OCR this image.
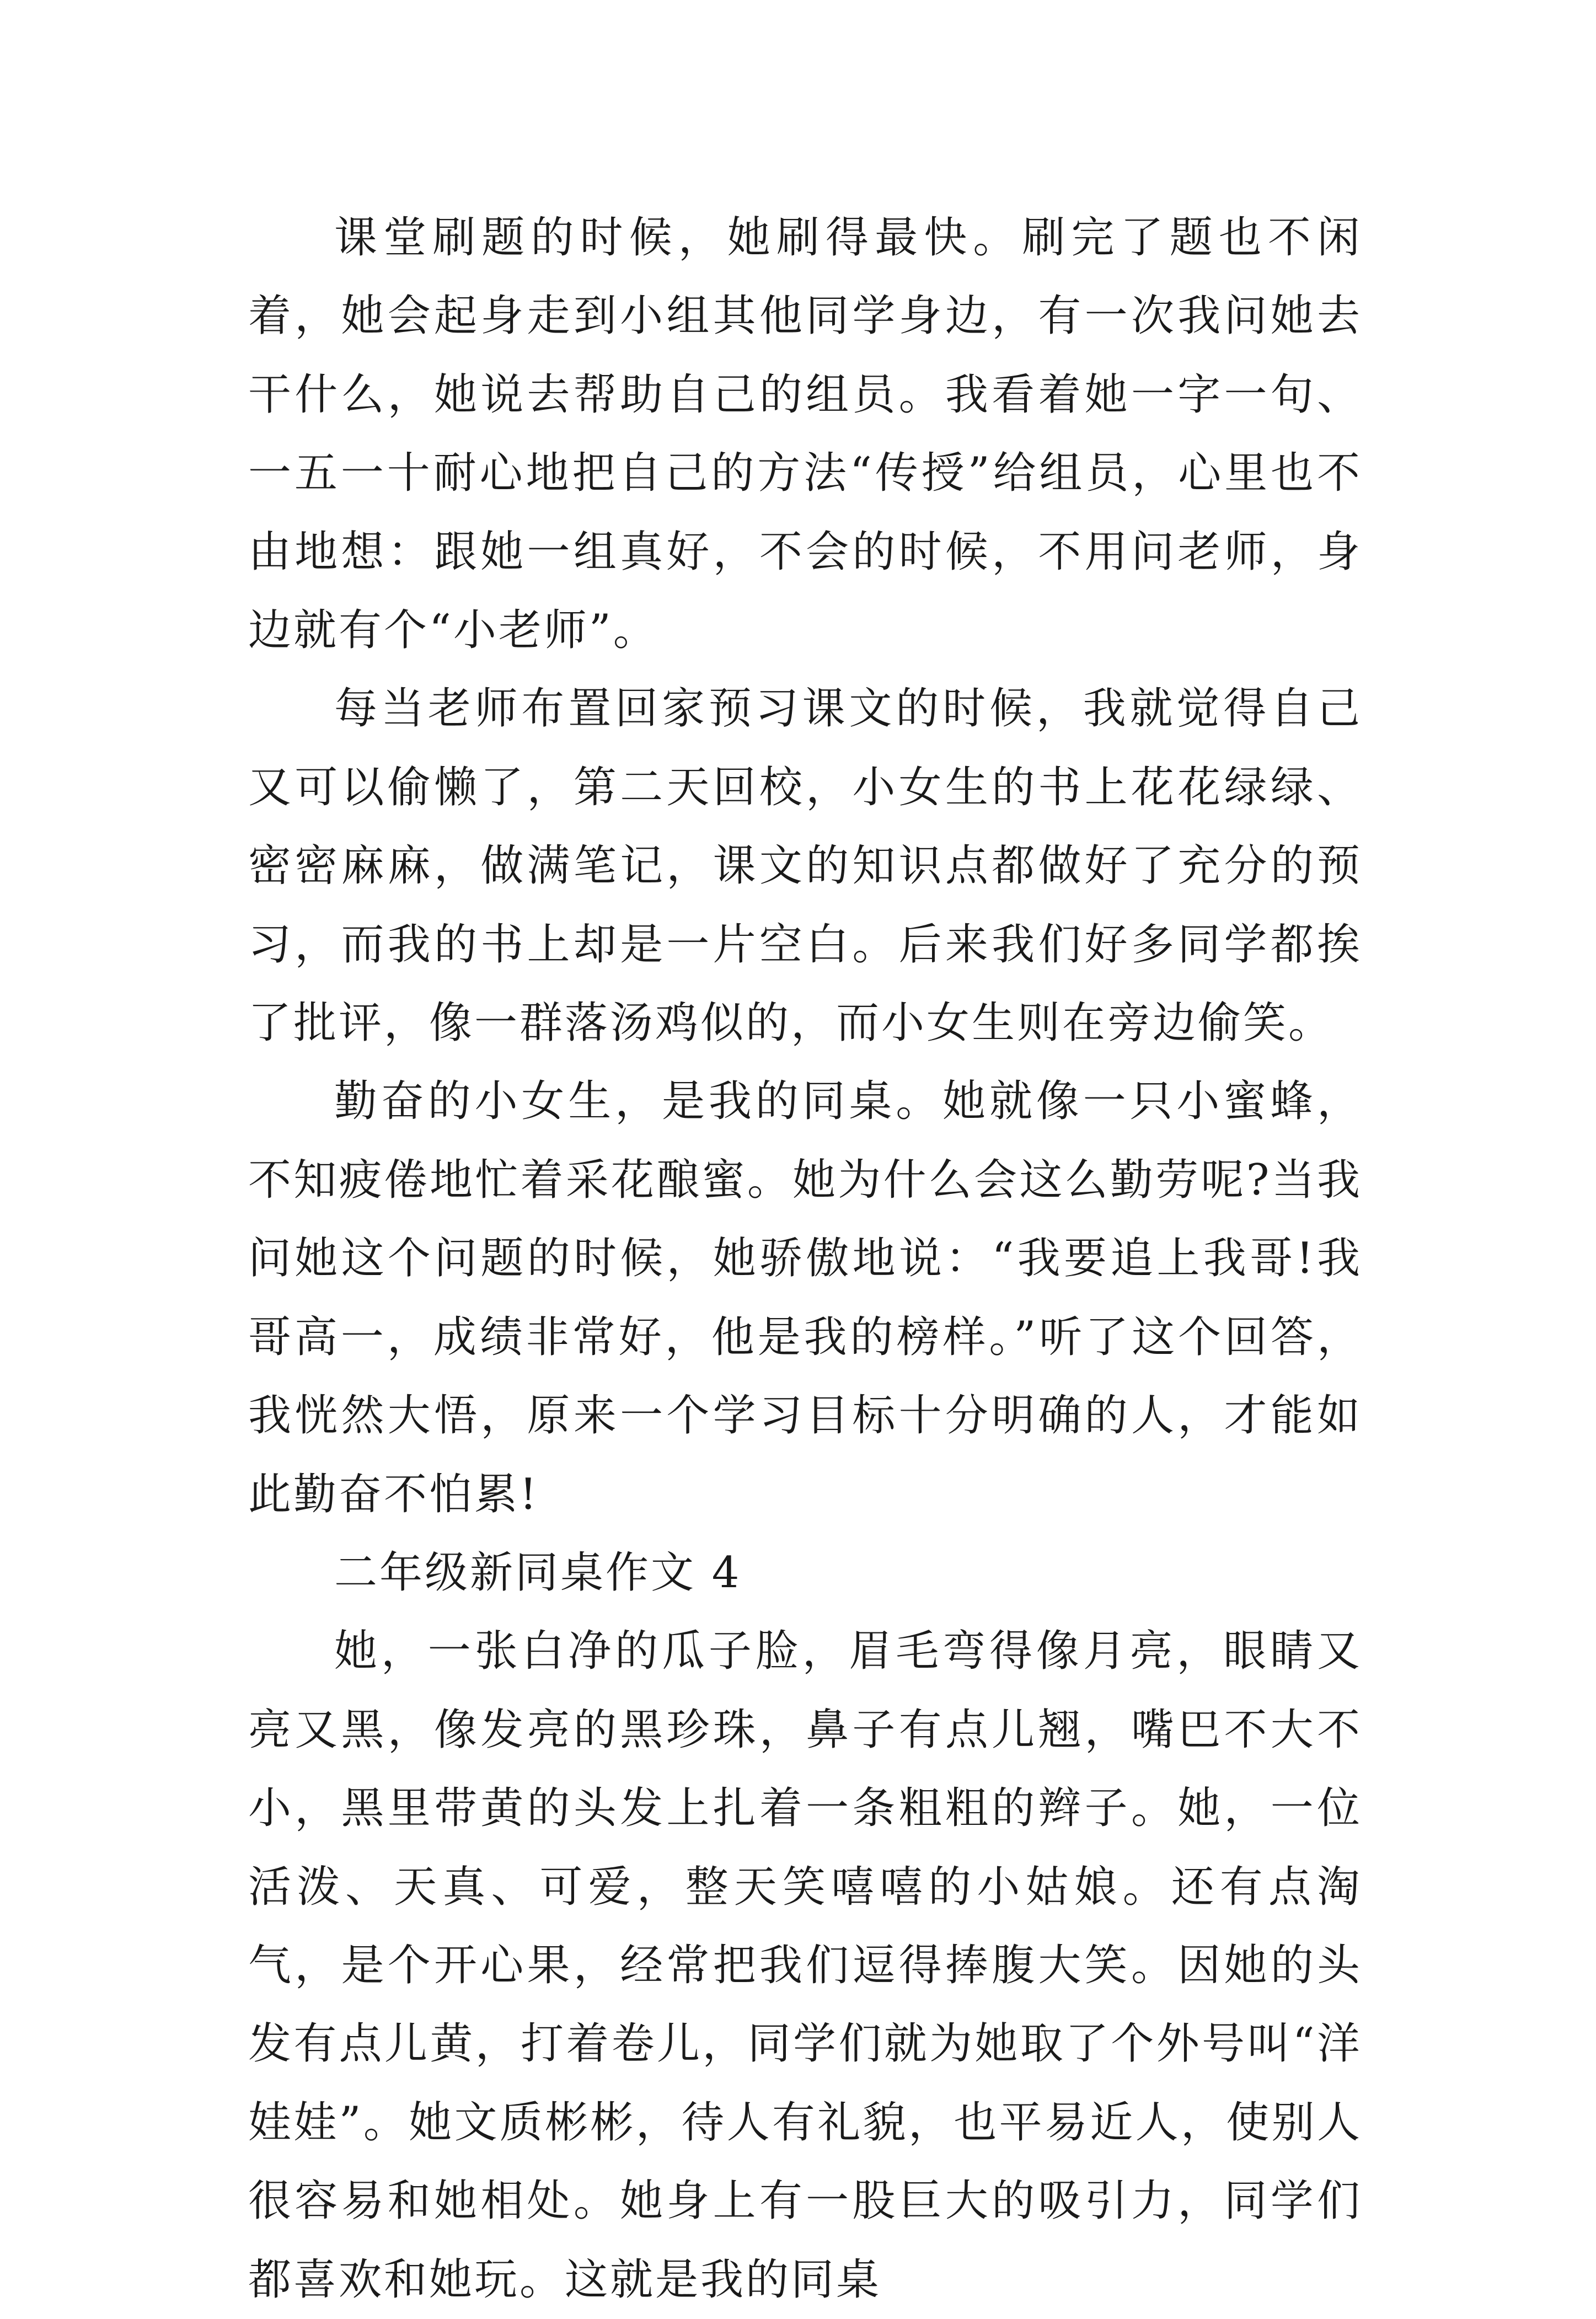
课堂刷题的时候，她刷得最快。刷完了题也不闲着，她会起身走到小组其他同学身边，有一次我问她去干什么，她说去帮助自己的组员。我看着她一字一句、一五一十耐心地把自己的方法“传授”给组员，心里也不由地想：跟她一组真好，不会的时候，不用问老师，身边就有个“小老师”。

每当老师布置回家预习课文的时候，我就觉得自己又可以偷懒了，第二天回校，小女生的书上花花绿绿、密密麻麻，做满笔记，课文的知识点都做好了充分的预习，而我的书上却是一片空白。后来我们好多同学都挨了批评，像一群落汤鸡似的，而小女生则在旁边偷笑。

勤奋的小女生，是我的同桌。她就像一只小蜜蜂，不知疲倦地忙着采花酿蜜。她为什么会这么勤劳呢?当我问她这个问题的时候，她骄傲地说：“我要追上我哥!我哥高一，成绩非常好，他是我的榜样。”听了这个回答，我恍然大悟，原来一个学习目标十分明确的人，才能如此勤奋不怕累!

二年级新同桌作文 4

她，一张白净的瓜子脸，眉毛弯得像月亮，眼睛又亮又黑，像发亮的黑珍珠，鼻子有点儿翘，嘴巴不大不小，黑里带黄的头发上扎着一条粗粗的辫子。她，一位活泼、天真、可爱，整天笑嘻嘻的小姑娘。还有点淘气，是个开心果，经常把我们逗得捧腹大笑。因她的头发有点儿黄，打着卷儿，同学们就为她取了个外号叫“洋娃娃”。她文质彬彬，待人有礼貌，也平易近人，使别人很容易和她相处。她身上有一股巨大的吸引力，同学们都喜欢和她玩。这就是我的同桌
